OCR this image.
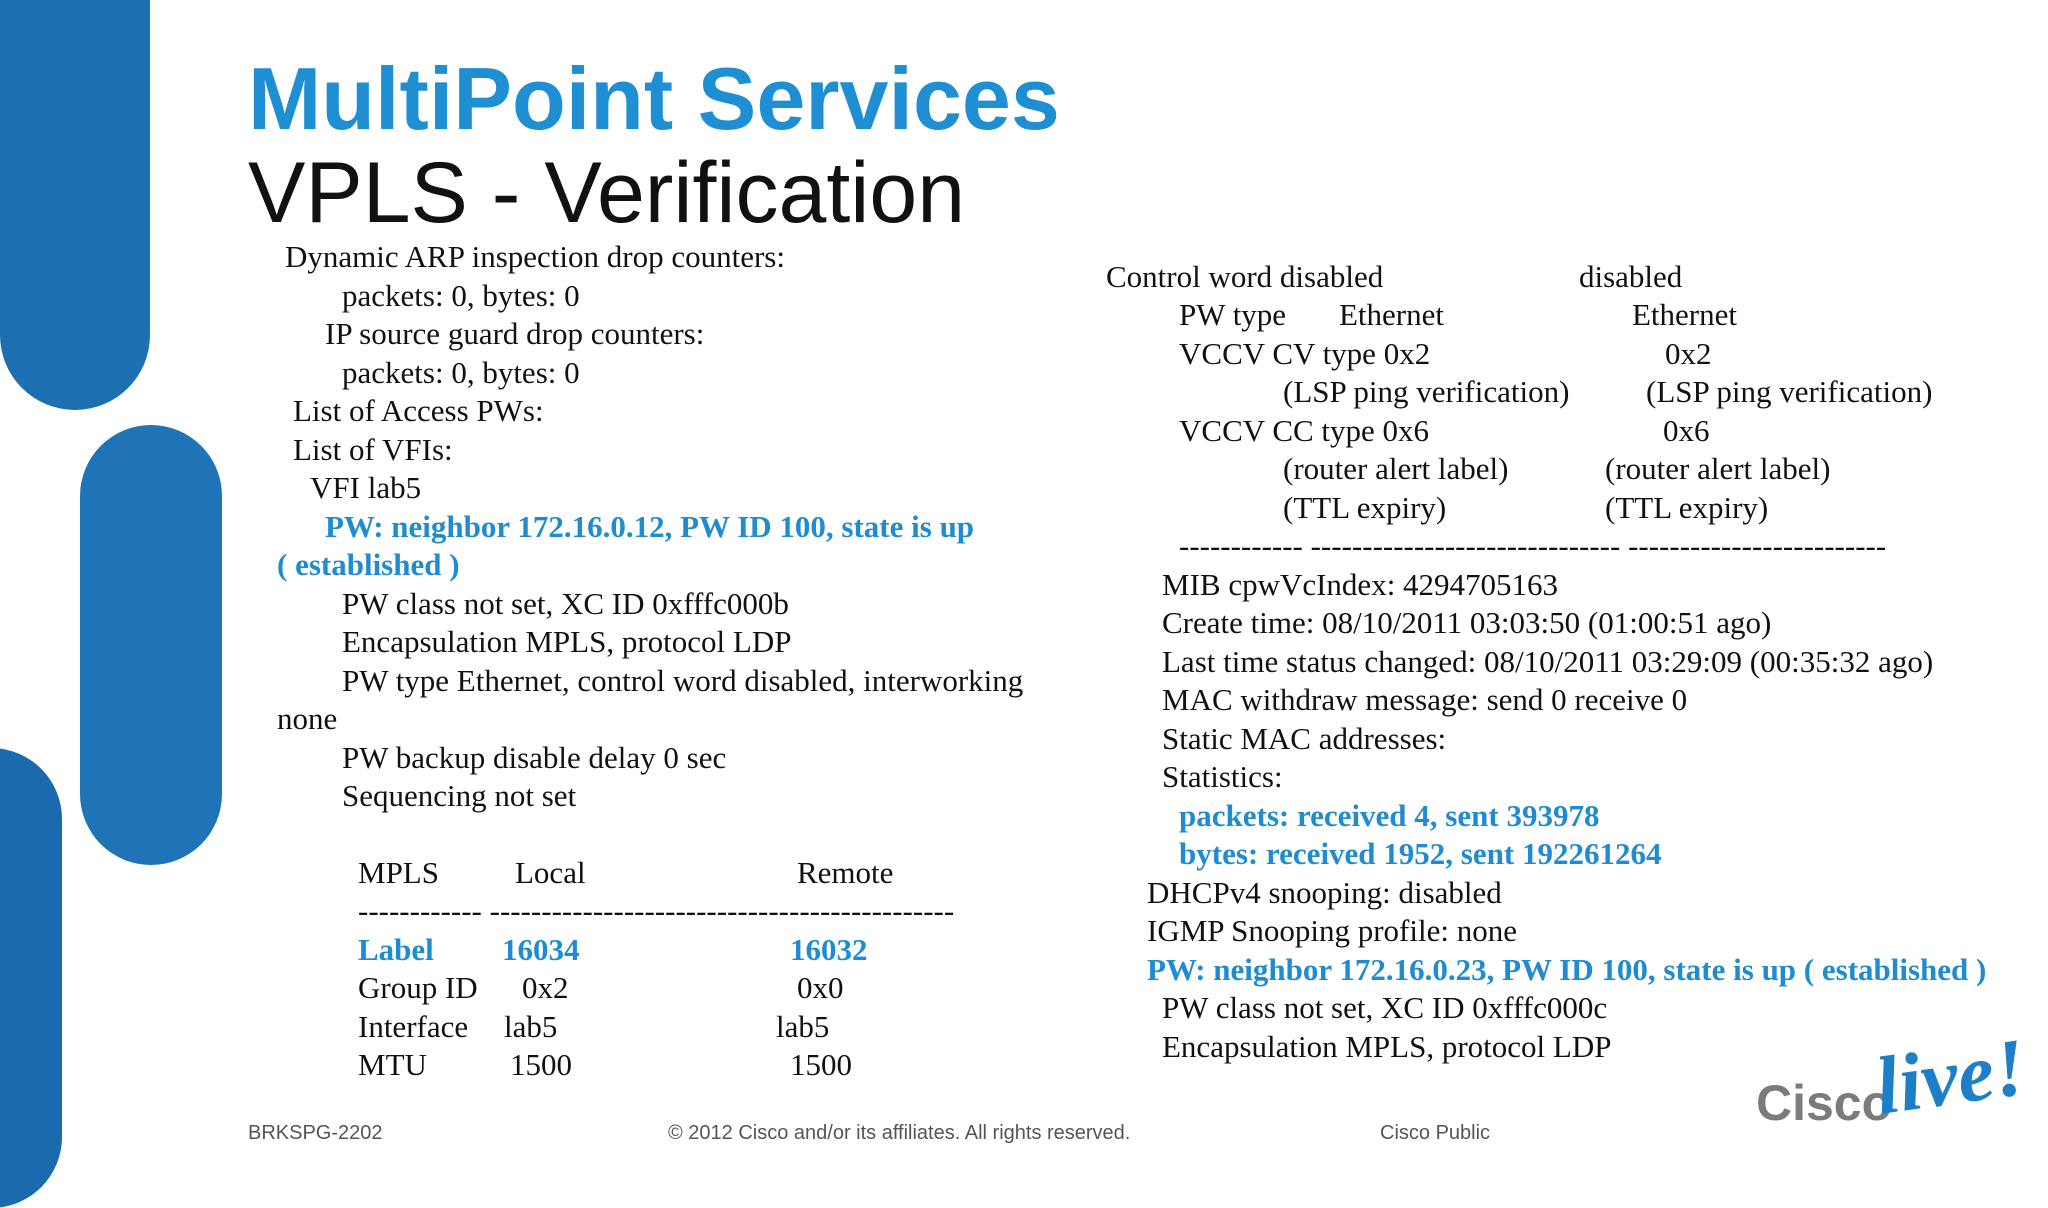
MultiPoint Services
VPLS - Verification
Dynamic ARP inspection drop counters:
packets: 0, bytes: 0
IP source guard drop counters:
packets: 0, bytes: 0
List of Access PWs:
List of VFIs:
VFI lab5
PW: neighbor 172.16.0.12, PW ID 100, state is up
( established )
PW class not set, XC ID 0xfffc000b
Encapsulation MPLS, protocol LDP
PW type Ethernet, control word disabled, interworking
none
PW backup disable delay 0 sec
Sequencing not set
MPLS Local	Remote
------------ ---------------------------------------------
Label 16034	16032
Group ID 0x2	0x0
Interface lab5	lab5
MTU	1500	1500
Control word disabled	disabled
PW type Ethernet	Ethernet
VCCV CV type 0x2	0x2
(LSP ping verification) (LSP ping verification)
VCCV CC type 0x6	0x6
(router alert label)	(router alert label)
(TTL expiry)	(TTL expiry)
------------ ------------------------------ -------------------------
MIB cpwVcIndex: 4294705163
Create time: 08/10/2011 03:03:50 (01:00:51 ago)
Last time status changed: 08/10/2011 03:29:09 (00:35:32 ago)
MAC withdraw message: send 0 receive 0
Static MAC addresses:
Statistics:
packets: received 4, sent 393978
bytes: received 1952, sent 192261264
DHCPv4 snooping: disabled
IGMP Snooping profile: none
PW: neighbor 172.16.0.23, PW ID 100, state is up ( established )
PW class not set, XC ID 0xfffc000c
Encapsulation MPLS, protocol LDP
Cisco
live!
BRKSPG-2202	© 2012 Cisco and/or its affiliates. All rights reserved.	Cisco Public
